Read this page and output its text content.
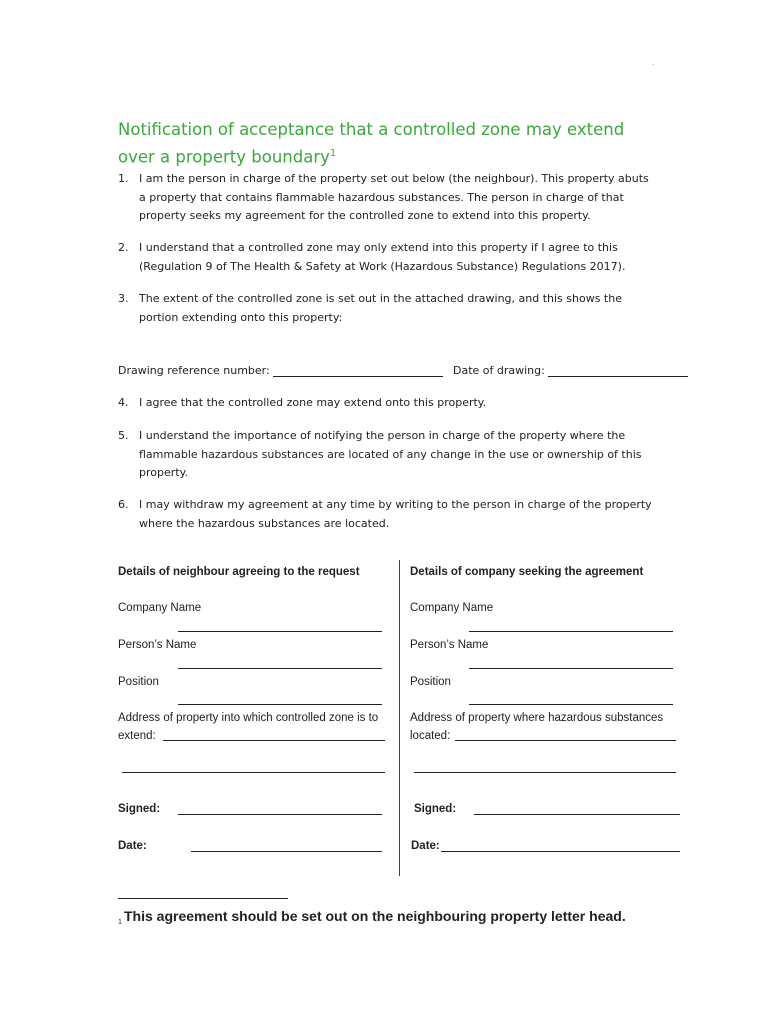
.
Notification of acceptance that a controlled zone may extend over a property boundary$^1$
1. I am the person in charge of the property set out below (the neighbour). This property abuts a property that contains flammable hazardous substances. The person in charge of that property seeks my agreement for the controlled zone to extend into this property.
2. I understand that a controlled zone may only extend into this property if I agree to this (Regulation 9 of The Health & Safety at Work (Hazardous Substance) Regulations 2017).
3. The extent of the controlled zone is set out in the attached drawing, and this shows the portion extending onto this property:
Drawing reference number:	Date of drawing:
4. I agree that the controlled zone may extend onto this property.
5. I understand the importance of notifying the person in charge of the property where the flammable hazardous substances are located of any change in the use or ownership of this property.
6. I may withdraw my agreement at any time by writing to the person in charge of the property where the hazardous substances are located.
Details of neighbour agreeing to the request
Company Name
Person’s Name
Position
Address of property into which controlled zone is to
extend:
Signed:
Date:
Details of company seeking the agreement
Company Name
Person’s Name
Position
Address of property where hazardous substances
located:
Signed:
Date:
1 This agreement should be set out on the neighbouring property letter head.
